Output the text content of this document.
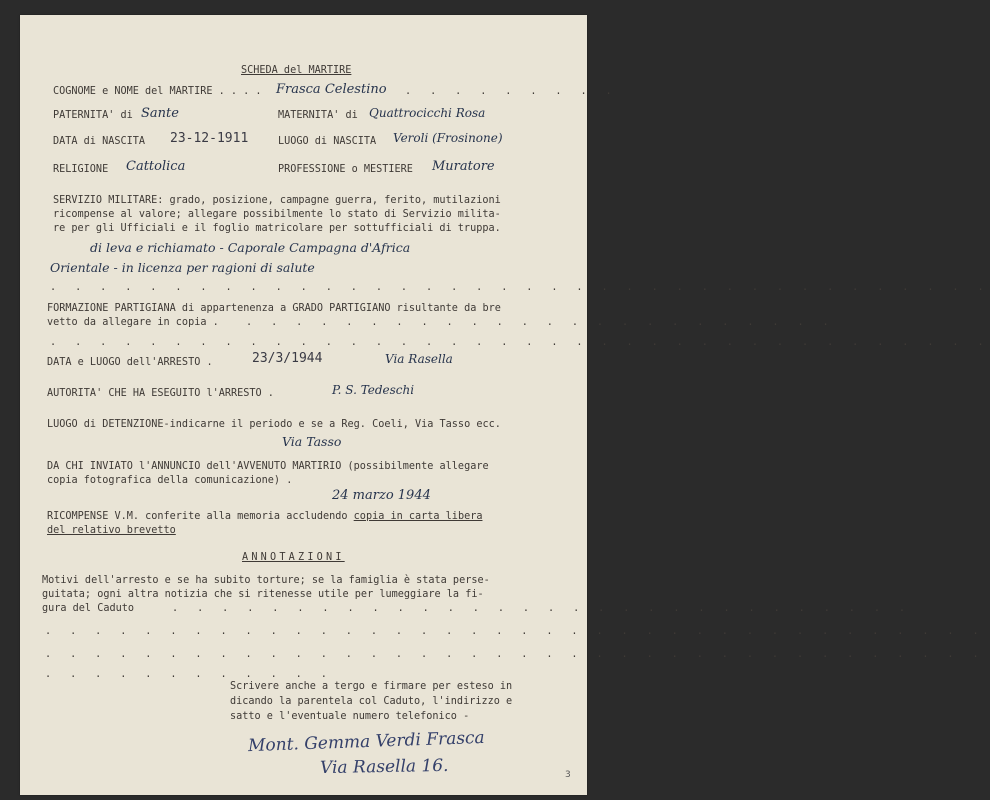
SCHEDA del MARTIRE
COGNOME e NOME del MARTIRE . . . . Frasca Celestino . . . . . . . . .
PATERNITA' di Sante	MATERNITA' di Quattrocicchi Rosa
DATA di NASCITA 23-12-1911	LUOGO di NASCITA Veroli (Frosinone)
RELIGIONE Cattolica	PROFESSIONE o MESTIERE Muratore
SERVIZIO MILITARE: grado, posizione, campagne guerra, ferito, mutilazioni
ricompense al valore; allegare possibilmente lo stato di Servizio milita-
re per gli Ufficiali e il foglio matricolare per sottufficiali di truppa.
di leva e richiamato - Caporale Campagna d'Africa
Orientale - in licenza per ragioni di salute
. . . . . . . . . . . . . . . . . . . . . . . . . . . . . . . . . . . . . .
FORMAZIONE PARTIGIANA di appartenenza a GRADO PARTIGIANO risultante da bre
vetto da allegare in copia .	. . . . . . . . . . . . . . . . . . . . . . . .
. . . . . . . . . . . . . . . . . . . . . . . . . . . . . . . . . . . . . .
DATA e LUOGO dell'ARRESTO .	23/3/1944	Via Rasella
AUTORITA' CHE HA ESEGUITO l'ARRESTO .	P. S. Tedeschi
LUOGO di DETENZIONE-indicarne il periodo e se a Reg. Coeli, Via Tasso ecc.
Via Tasso
DA CHI INVIATO l'ANNUNCIO dell'AVVENUTO MARTIRIO (possibilmente allegare
copia fotografica della comunicazione) .
24 marzo 1944
RICOMPENSE V.M. conferite alla memoria accludendo copia in carta libera
del relativo brevetto
ANNOTAZIONI
Motivi dell'arresto e se ha subito torture; se la famiglia è stata perse-
guitata; ogni altra notizia che si ritenesse utile per lumeggiare la fi-
gura del Caduto	. . . . . . . . . . . . . . . . . . . . . . . . . . . . . .
. . . . . . . . . . . . . . . . . . . . . . . . . . . . . . . . . . . . . .
. . . . . . . . . . . . . . . . . . . . . . . . . . . . . . . . . . . . . .
. . . . . . . . . . . .
Scrivere anche a tergo e firmare per esteso in
dicando la parentela col Caduto, l'indirizzo e
satto e l'eventuale numero telefonico -
Mont. Gemma Verdi Frasca
Via Rasella 16.	3
